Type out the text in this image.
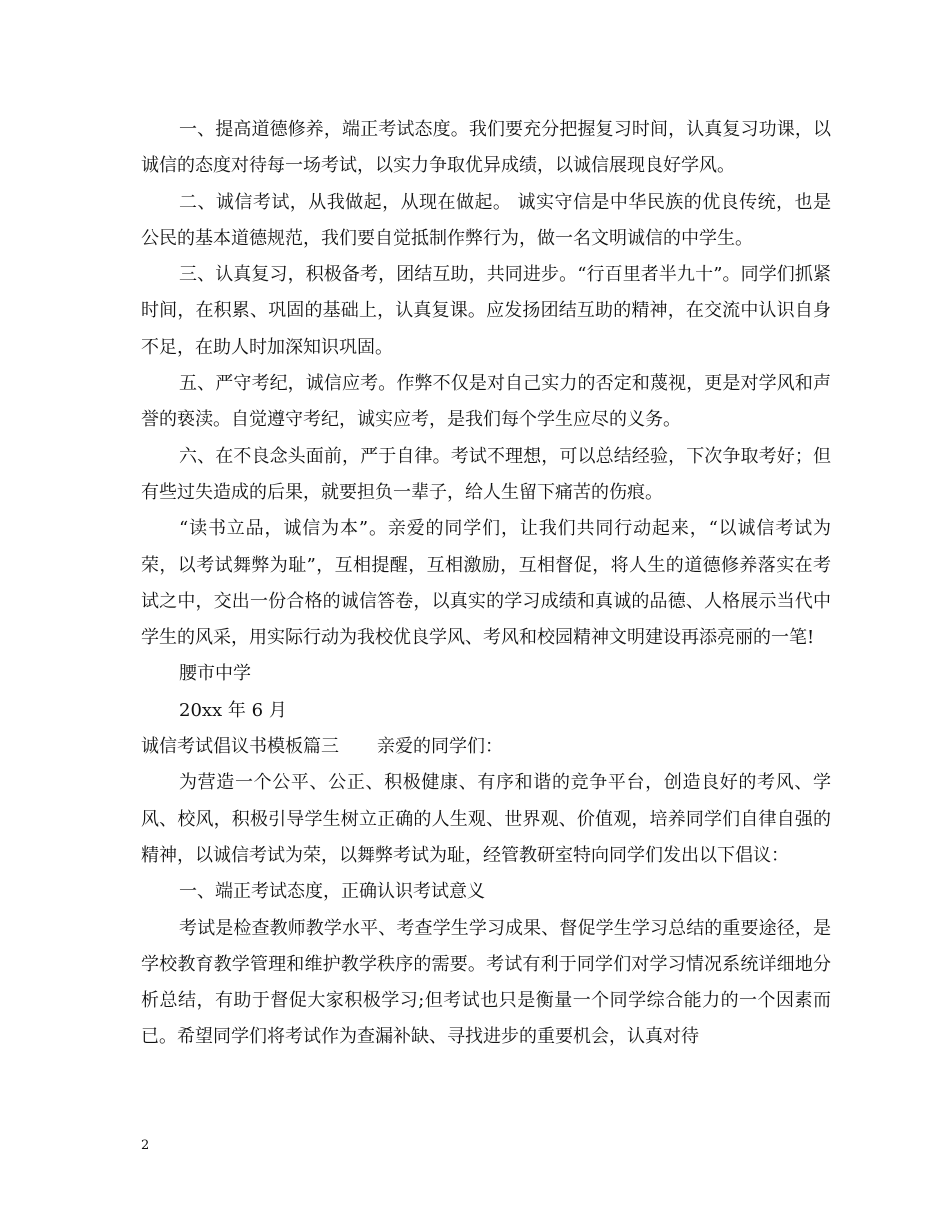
一、提高道德修养，端正考试态度。我们要充分把握复习时间，认真复习功课，以诚信的态度对待每一场考试，以实力争取优异成绩，以诚信展现良好学风。

二、诚信考试，从我做起，从现在做起。 诚实守信是中华民族的优良传统，也是公民的基本道德规范，我们要自觉抵制作弊行为，做一名文明诚信的中学生。

三、认真复习，积极备考，团结互助，共同进步。“行百里者半九十”。同学们抓紧时间，在积累、巩固的基础上，认真复课。应发扬团结互助的精神，在交流中认识自身不足，在助人时加深知识巩固。

五、严守考纪，诚信应考。作弊不仅是对自己实力的否定和蔑视，更是对学风和声誉的亵渎。自觉遵守考纪，诚实应考，是我们每个学生应尽的义务。

六、在不良念头面前，严于自律。考试不理想，可以总结经验，下次争取考好；但有些过失造成的后果，就要担负一辈子，给人生留下痛苦的伤痕。

“读书立品，诚信为本”。亲爱的同学们，让我们共同行动起来，“以诚信考试为荣，以考试舞弊为耻”，互相提醒，互相激励，互相督促，将人生的道德修养落实在考试之中，交出一份合格的诚信答卷，以真实的学习成绩和真诚的品德、人格展示当代中学生的风采，用实际行动为我校优良学风、考风和校园精神文明建设再添亮丽的一笔!

腰市中学

20xx 年 6 月

诚信考试倡议书模板篇三 亲爱的同学们：

为营造一个公平、公正、积极健康、有序和谐的竞争平台，创造良好的考风、学风、校风，积极引导学生树立正确的人生观、世界观、价值观，培养同学们自律自强的精神，以诚信考试为荣，以舞弊考试为耻，经管教研室特向同学们发出以下倡议：

一、端正考试态度，正确认识考试意义

考试是检查教师教学水平、考查学生学习成果、督促学生学习总结的重要途径，是学校教育教学管理和维护教学秩序的需要。考试有利于同学们对学习情况系统详细地分析总结，有助于督促大家积极学习;但考试也只是衡量一个同学综合能力的一个因素而已。希望同学们将考试作为查漏补缺、寻找进步的重要机会，认真对待

2
